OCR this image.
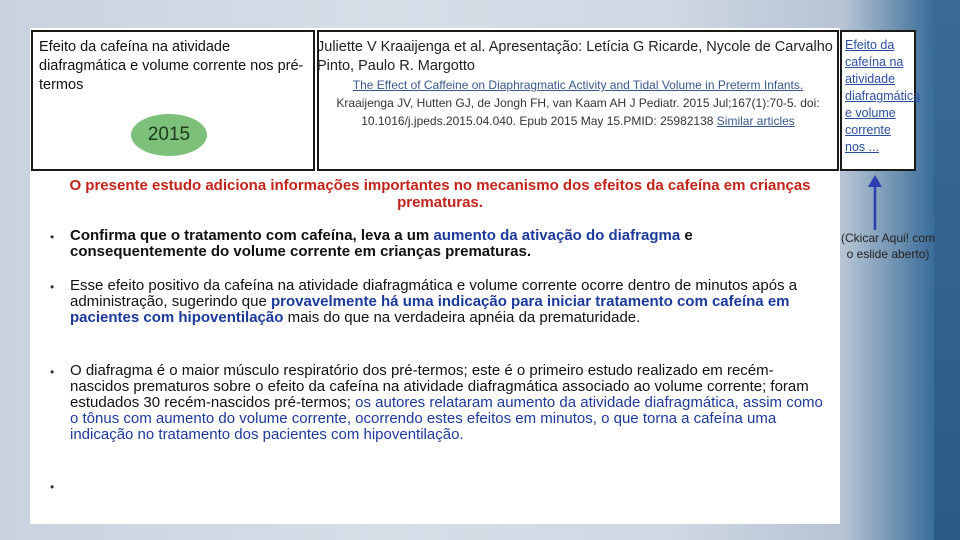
Efeito da cafeína na atividade diafragmática e volume corrente nos pré-termos
2015
Juliette V Kraaijenga et al. Apresentação: Letícia G Ricarde, Nycole de Carvalho Pinto, Paulo R. Margotto
The Effect of Caffeine on Diaphragmatic Activity and Tidal Volume in Preterm Infants.
Kraaijenga JV, Hutten GJ, de Jongh FH, van Kaam AH J Pediatr. 2015 Jul;167(1):70-5. doi: 10.1016/j.jpeds.2015.04.040. Epub 2015 May 15.PMID: 25982138 Similar articles
Efeito da cafeína na atividade diafragmática e volume corrente nos ...
(Ckicar Aqui! com o eslide aberto)
O presente estudo adiciona informações importantes no mecanismo dos efeitos da cafeína em crianças prematuras.
• Confirma que o tratamento com cafeína, leva a um aumento da ativação do diafragma e consequentemente do volume corrente em crianças prematuras.
• Esse efeito positivo da cafeína na atividade diafragmática e volume corrente ocorre dentro de minutos após a administração, sugerindo que provavelmente há uma indicação para iniciar tratamento com cafeína em pacientes com hipoventilação mais do que na verdadeira apnéia da prematuridade.
• O diafragma é o maior músculo respiratório dos pré-termos; este é o primeiro estudo realizado em recém-nascidos prematuros sobre o efeito da cafeína na atividade diafragmática associado ao volume corrente; foram estudados 30 recém-nascidos pré-termos; os autores relataram aumento da atividade diafragmática, assim como o tônus com aumento do volume corrente, ocorrendo estes efeitos em minutos, o que torna a cafeína uma indicação no tratamento dos pacientes com hipoventilação.
•
